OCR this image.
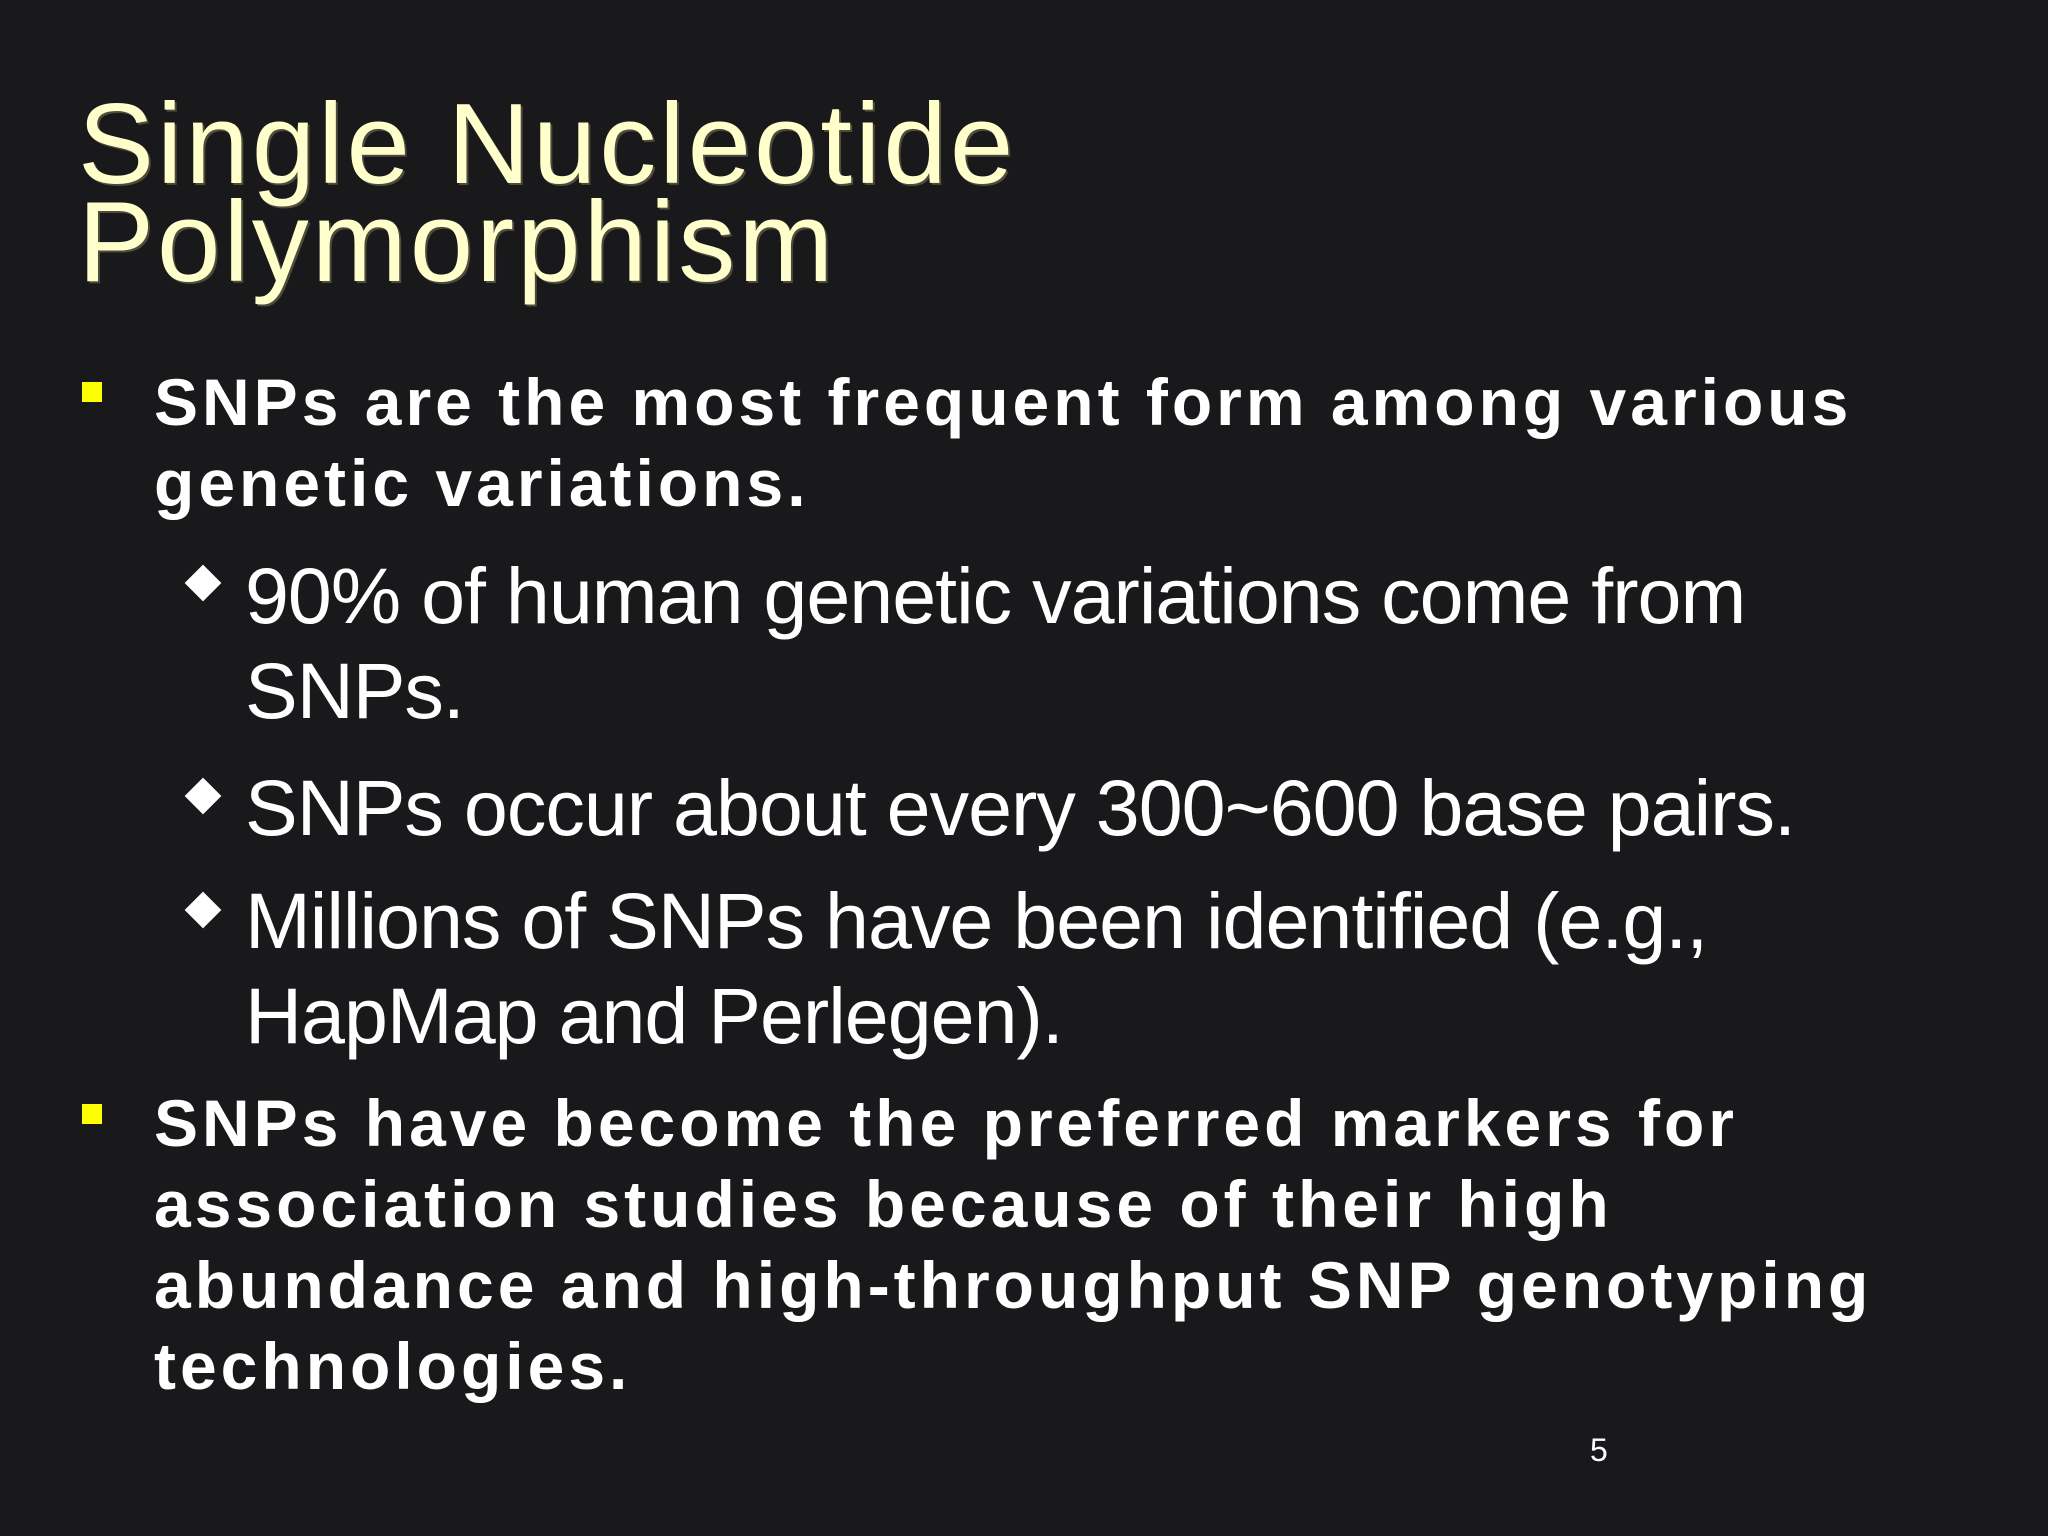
Single Nucleotide
Polymorphism
SNPs are the most frequent form among various
genetic variations.
90% of human genetic variations come from
SNPs.
SNPs occur about every 300~600 base pairs.
Millions of SNPs have been identified (e.g.,
HapMap and Perlegen).
SNPs have become the preferred markers for
association studies because of their high
abundance and high-throughput SNP genotyping
technologies.
5
